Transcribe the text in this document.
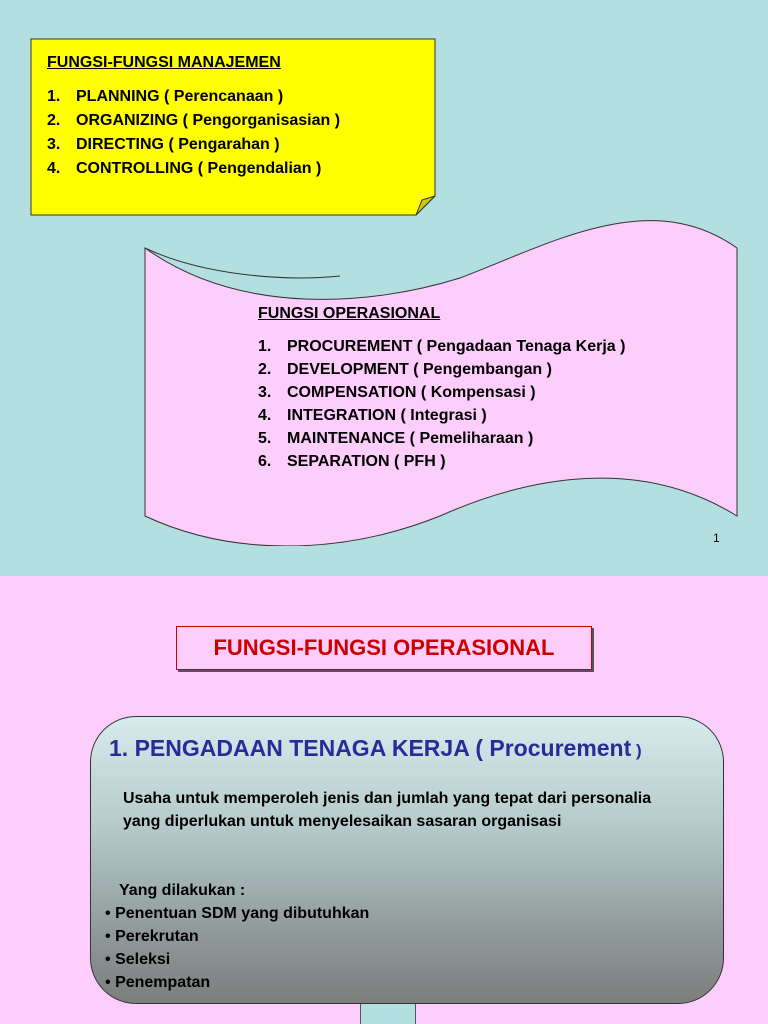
FUNGSI-FUNGSI MANAJEMEN
1. PLANNING ( Perencanaan )
2. ORGANIZING ( Pengorganisasian )
3. DIRECTING ( Pengarahan )
4. CONTROLLING ( Pengendalian )
FUNGSI OPERASIONAL
1. PROCUREMENT ( Pengadaan Tenaga Kerja )
2. DEVELOPMENT ( Pengembangan )
3. COMPENSATION ( Kompensasi )
4. INTEGRATION ( Integrasi )
5. MAINTENANCE ( Pemeliharaan )
6. SEPARATION ( PFH )
1
FUNGSI-FUNGSI OPERASIONAL
1. PENGADAAN TENAGA KERJA ( Procurement )
Usaha untuk memperoleh jenis dan jumlah yang tepat dari personalia yang diperlukan untuk menyelesaikan sasaran organisasi
Yang dilakukan :
• Penentuan SDM yang dibutuhkan
• Perekrutan
• Seleksi
• Penempatan
